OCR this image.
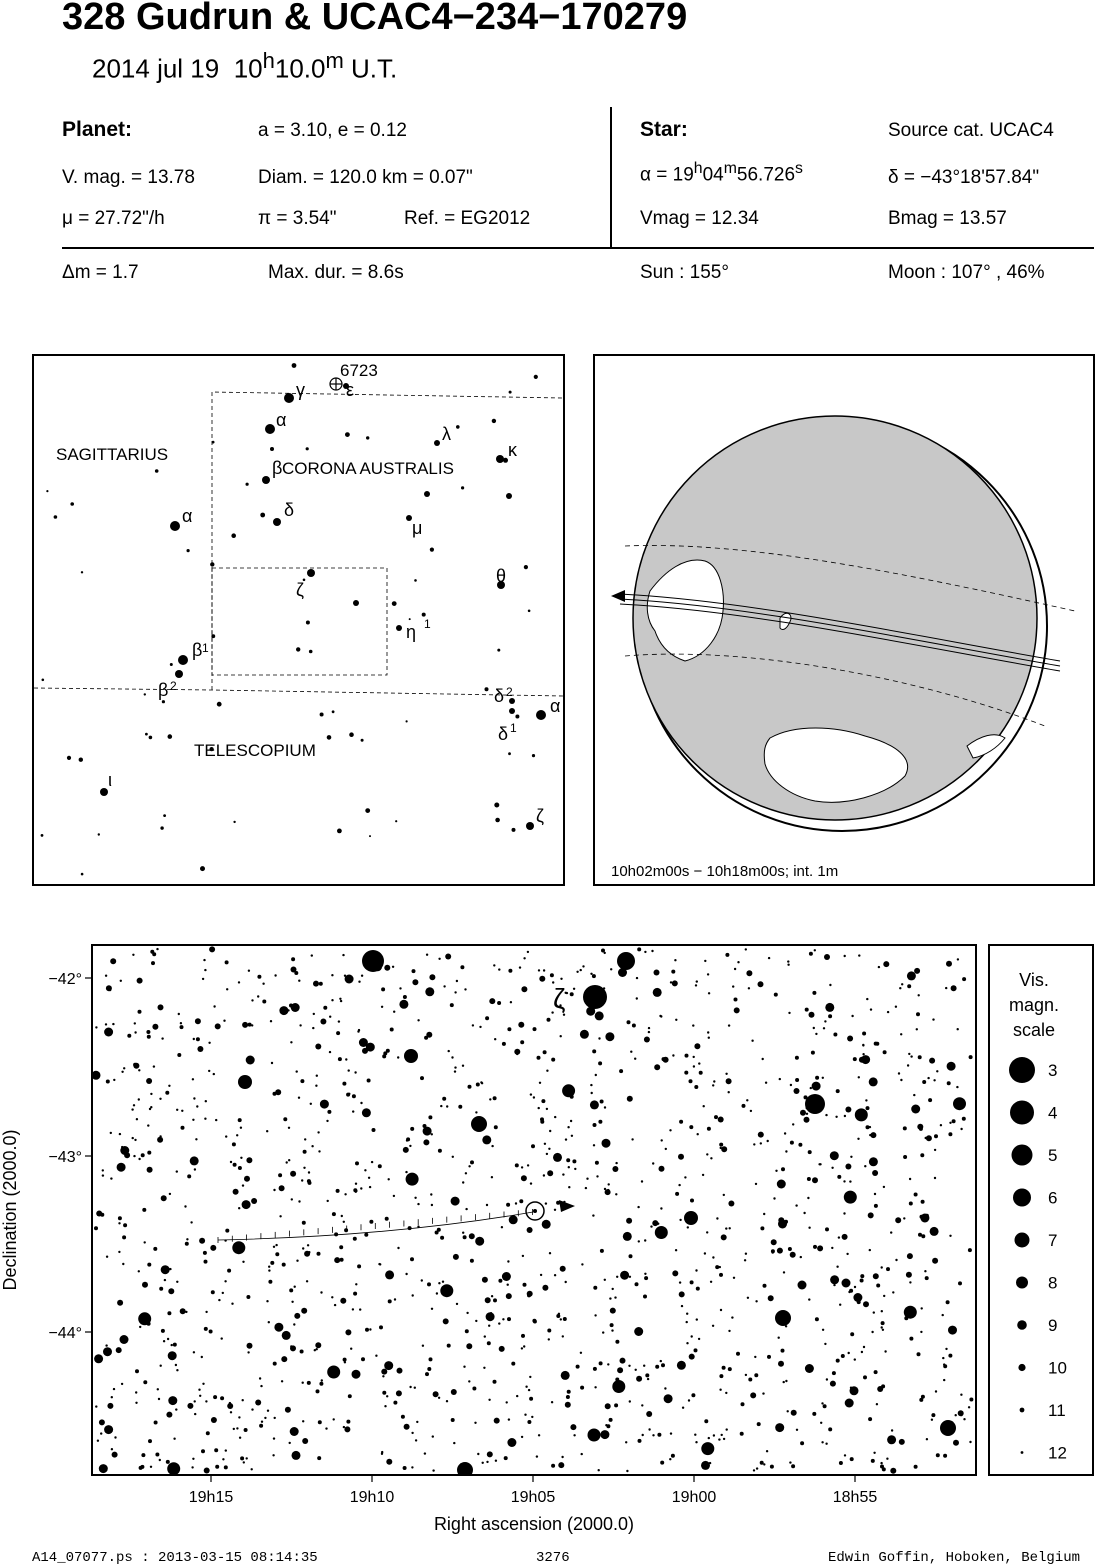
328 Gudrun & UCAC4−234−170279
2014 jul 19 10$^h$10.0$^m$ U.T.
Planet:	a = 3.10, e = 0.12
V. mag. = 13.78	Diam. = 120.0 km = 0.07"
μ = 27.72"/h	π = 3.54"	Ref. = EG2012
Star:	Source cat. UCAC4
$\alpha = 19^h04^m56.726^s$	δ = −43°18'57.84"
Vmag = 12.34	Bmag = 13.57
Δm = 1.7	Max. dur. = 8.6s	Sun : 155°	Moon : 107° , 46%
6723
SAGITTARIUS
CORONA AUSTRALIS
TELESCOPIUM
γ ε
α
β
δ
λ
κ
μ
α
ζ
θ
η 1
β 1
β 2	δ 2
α
δ 1
ι
ζ
10h02m00s − 10h18m00s; int. 1m
ζ
−42°
−43°
−44°
19h15	19h10	19h05	19h00	18h55
Right ascension (2000.0)
Declination (2000.0)
Vis.
magn.
scale
3
4
5
6
7
8
9
10
11
12
A14_07077.ps : 2013-03-15 08:14:35	3276	Edwin Goffin, Hoboken, Belgium
